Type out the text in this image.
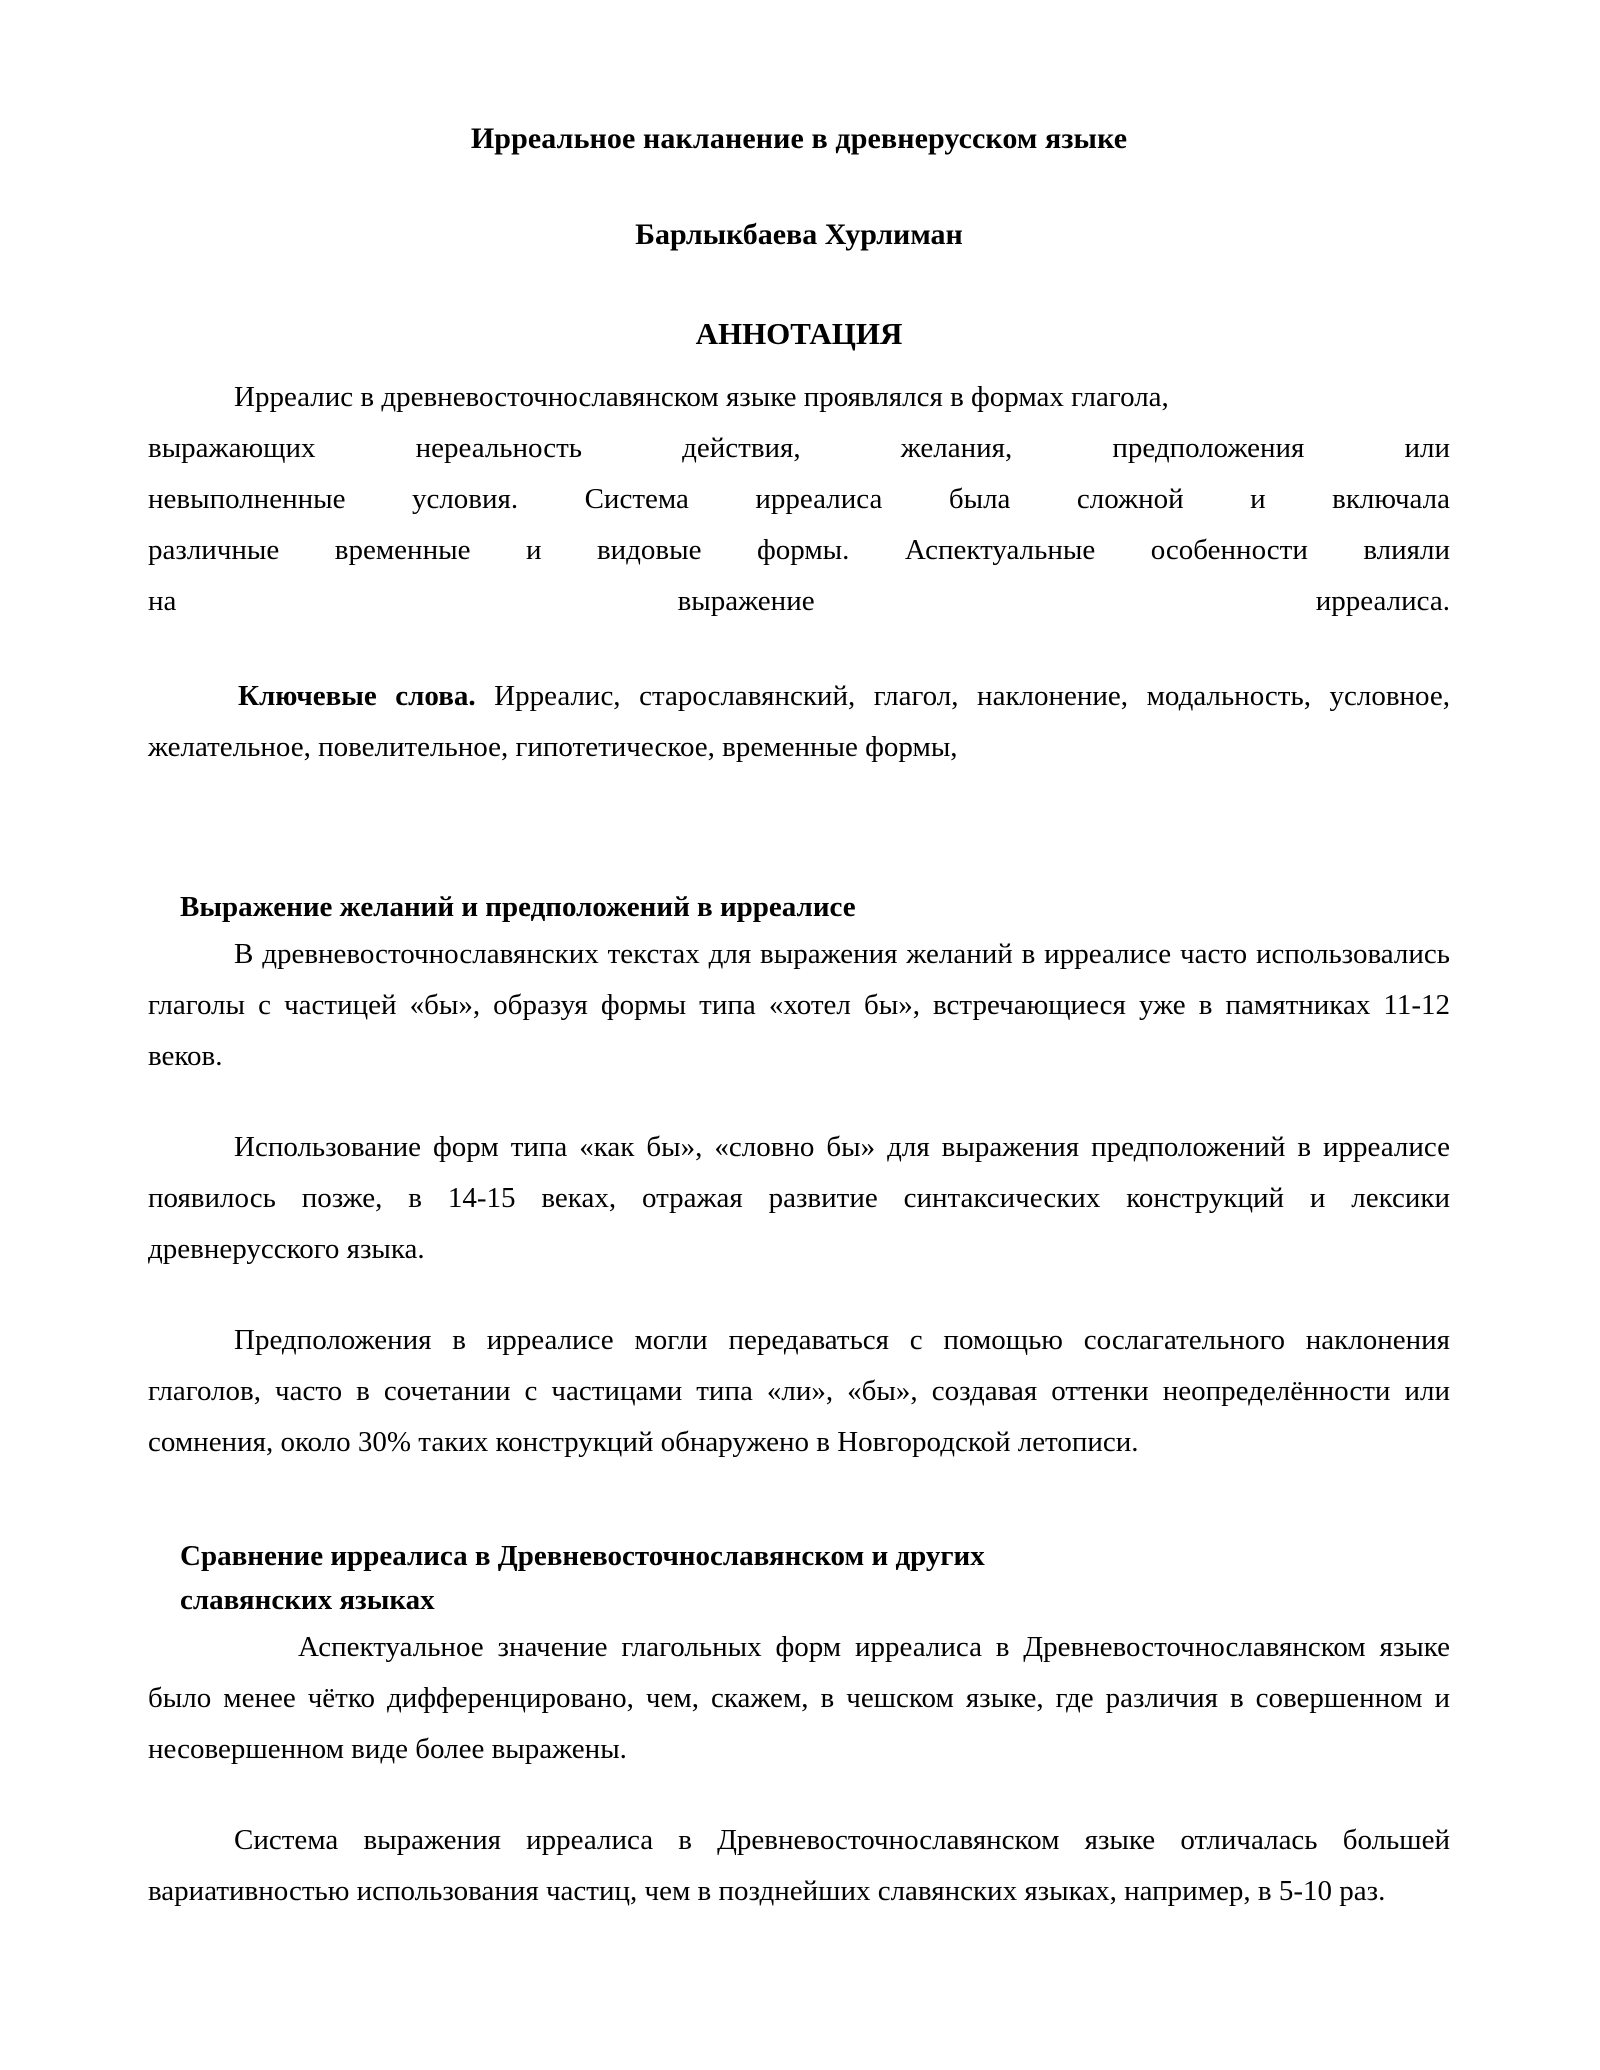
Ирреальное накланение в древнерусском языке
Барлыкбаева Хурлиман
АННОТАЦИЯ
Ирреалис в древневосточнославянском языке проявлялся в формах глагола,
выражающих	нереальность	действия,	желания,	предположения	или
невыполненные условия. Система ирреалиса была сложной и включала
различные временные и видовые формы. Аспектуальные особенности влияли
на	выражение	ирреалиса.

Ключевые слова. Ирреалис, старославянский, глагол, наклонение, модальность, условное, желательное, повелительное, гипотетическое, временные формы,

Выражение желаний и предположений в ирреалисе

В древневосточнославянских текстах для выражения желаний в ирреалисе часто использовались глаголы с частицей «бы», образуя формы типа «хотел бы», встречающиеся уже в памятниках 11-12 веков.

Использование форм типа «как бы», «словно бы» для выражения предположений в ирреалисе появилось позже, в 14-15 веках, отражая развитие синтаксических конструкций и лексики древнерусского языка.

Предположения в ирреалисе могли передаваться с помощью сослагательного наклонения глаголов, часто в сочетании с частицами типа «ли», «бы», создавая оттенки неопределённости или сомнения, около 30% таких конструкций обнаружено в Новгородской летописи.

Сравнение ирреалиса в Древневосточнославянском и других
славянских языках

Аспектуальное значение глагольных форм ирреалиса в Древневосточнославянском языке было менее чётко дифференцировано, чем, скажем, в чешском языке, где различия в совершенном и несовершенном виде более выражены.

Система выражения ирреалиса в Древневосточнославянском языке отличалась большей вариативностью использования частиц, чем в позднейших славянских языках, например, в 5-10 раз.
